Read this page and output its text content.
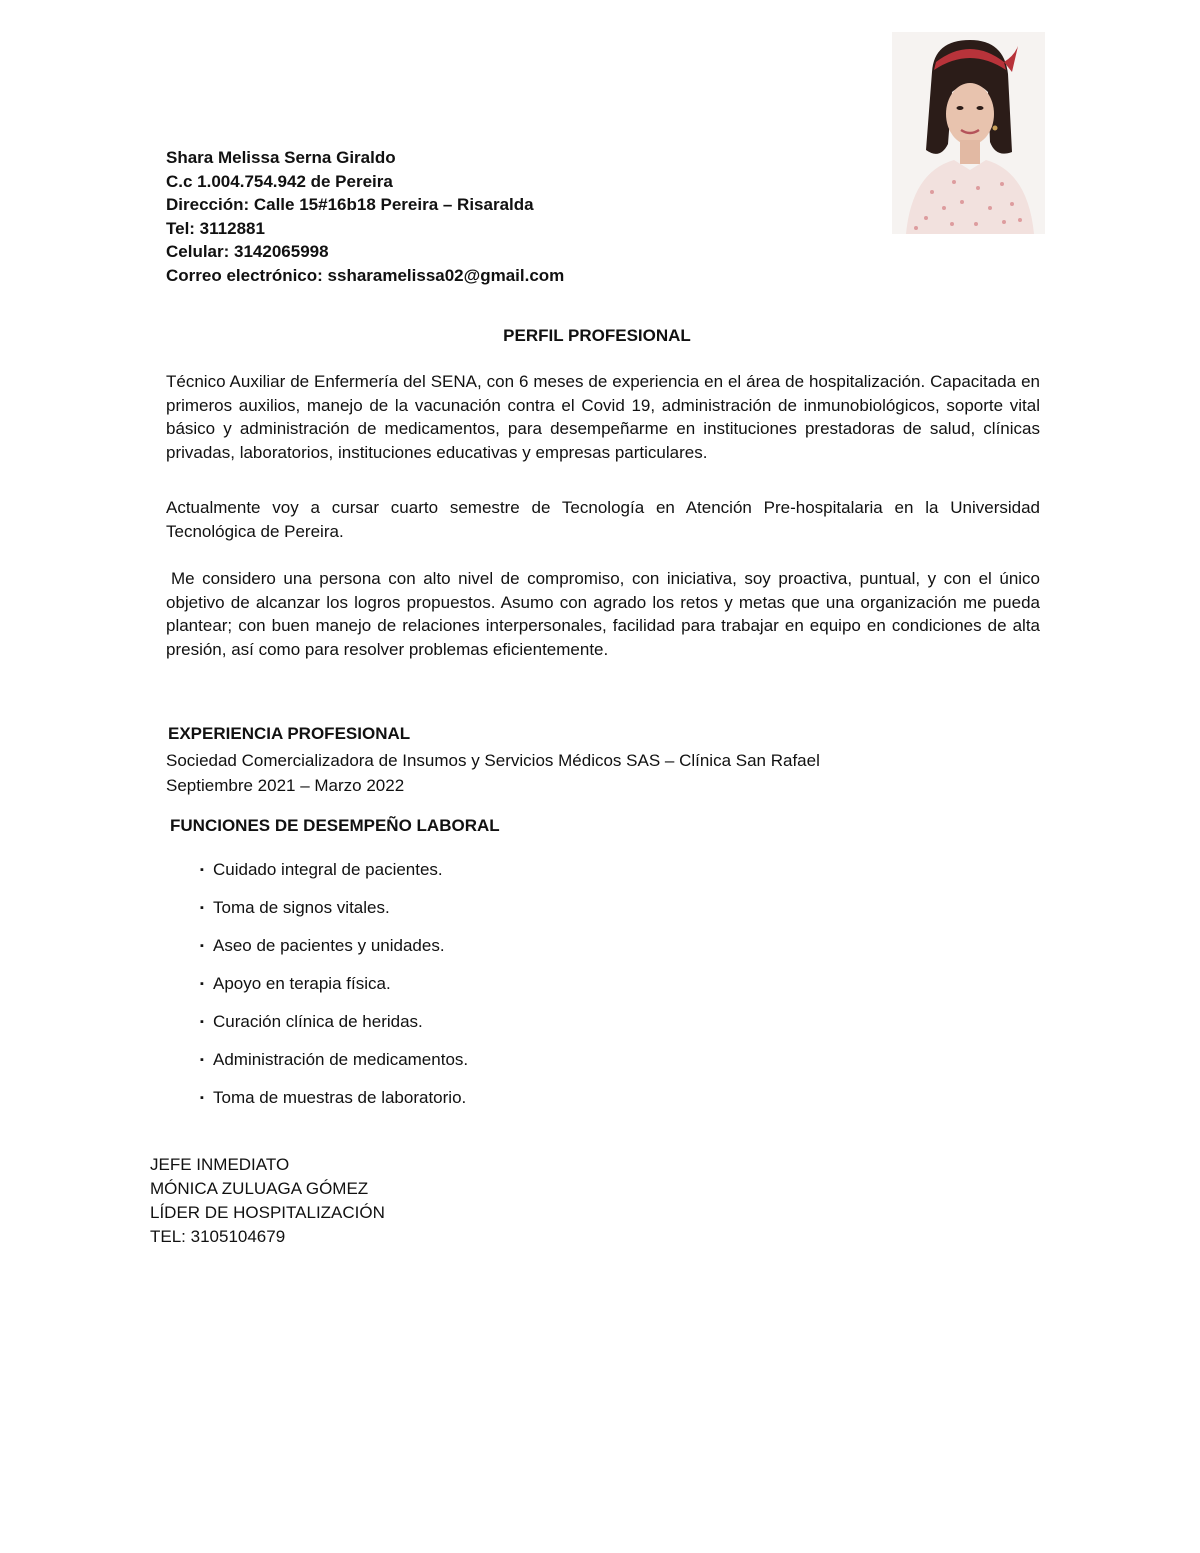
Shara Melissa Serna Giraldo
C.c 1.004.754.942 de Pereira
Dirección: Calle 15#16b18 Pereira – Risaralda
Tel: 3112881
Celular: 3142065998
Correo electrónico: ssharamelissa02@gmail.com
PERFIL PROFESIONAL
Técnico Auxiliar de Enfermería del SENA, con 6 meses de experiencia en el área de hospitalización. Capacitada en primeros auxilios, manejo de la vacunación contra el Covid 19, administración de inmunobiológicos, soporte vital básico y administración de medicamentos, para desempeñarme en instituciones prestadoras de salud, clínicas privadas, laboratorios, instituciones educativas y empresas particulares.
Actualmente voy a cursar cuarto semestre de Tecnología en Atención Pre-hospitalaria en la Universidad Tecnológica de Pereira.
Me considero una persona con alto nivel de compromiso, con iniciativa, soy proactiva, puntual, y con el único objetivo de alcanzar los logros propuestos. Asumo con agrado los retos y metas que una organización me pueda plantear; con buen manejo de relaciones interpersonales, facilidad para trabajar en equipo en condiciones de alta presión, así como para resolver problemas eficientemente.
EXPERIENCIA PROFESIONAL
Sociedad Comercializadora de Insumos y Servicios Médicos SAS – Clínica San Rafael
Septiembre 2021 – Marzo 2022
FUNCIONES DE DESEMPEÑO LABORAL
▪ Cuidado integral de pacientes.
▪ Toma de signos vitales.
▪ Aseo de pacientes y unidades.
▪ Apoyo en terapia física.
▪ Curación clínica de heridas.
▪ Administración de medicamentos.
▪ Toma de muestras de laboratorio.
JEFE INMEDIATO
MÓNICA ZULUAGA GÓMEZ
LÍDER DE HOSPITALIZACIÓN
TEL: 3105104679
